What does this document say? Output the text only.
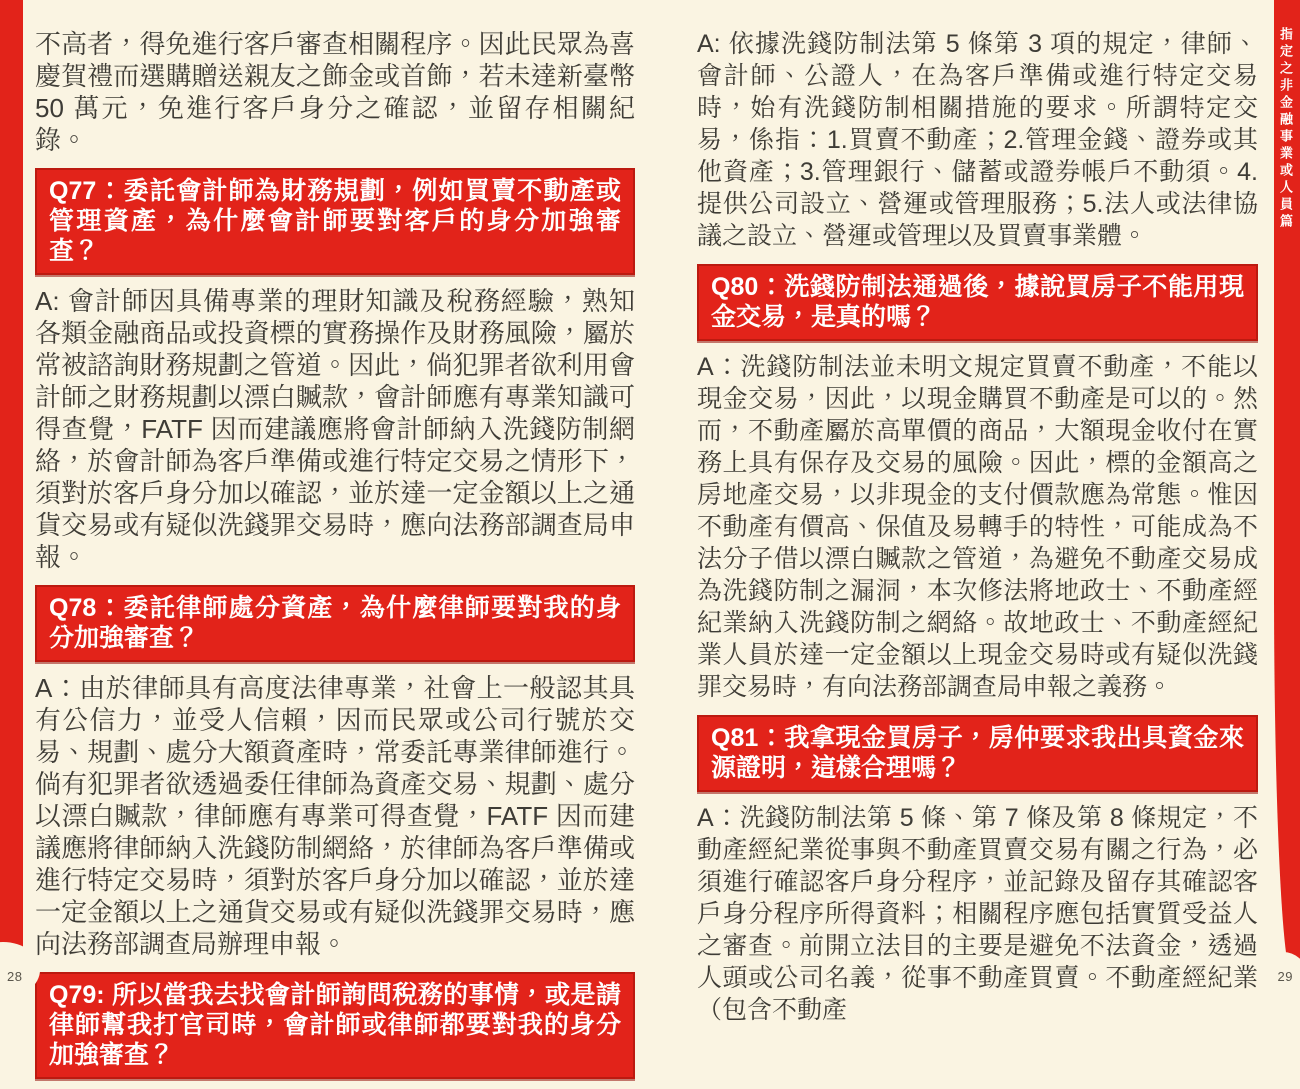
不高者，得免進行客戶審查相關程序。因此民眾為喜慶賀禮而選購贈送親友之飾金或首飾，若未達新臺幣 50 萬元，免進行客戶身分之確認，並留存相關紀錄。

Q77：委託會計師為財務規劃，例如買賣不動產或管理資產，為什麼會計師要對客戶的身分加強審查？

A: 會計師因具備專業的理財知識及稅務經驗，熟知各類金融商品或投資標的實務操作及財務風險，屬於常被諮詢財務規劃之管道。因此，倘犯罪者欲利用會計師之財務規劃以漂白贓款，會計師應有專業知識可得查覺，FATF 因而建議應將會計師納入洗錢防制網絡，於會計師為客戶準備或進行特定交易之情形下，須對於客戶身分加以確認，並於達一定金額以上之通貨交易或有疑似洗錢罪交易時，應向法務部調查局申報。

Q78：委託律師處分資產，為什麼律師要對我的身分加強審查？

A：由於律師具有高度法律專業，社會上一般認其具有公信力，並受人信賴，因而民眾或公司行號於交易、規劃、處分大額資產時，常委託專業律師進行。倘有犯罪者欲透過委任律師為資產交易、規劃、處分以漂白贓款，律師應有專業可得查覺，FATF 因而建議應將律師納入洗錢防制網絡，於律師為客戶準備或進行特定交易時，須對於客戶身分加以確認，並於達一定金額以上之通貨交易或有疑似洗錢罪交易時，應向法務部調查局辦理申報。

Q79: 所以當我去找會計師詢問稅務的事情，或是請律師幫我打官司時，會計師或律師都要對我的身分加強審查？

A: 依據洗錢防制法第 5 條第 3 項的規定，律師、會計師、公證人，在為客戶準備或進行特定交易時，始有洗錢防制相關措施的要求。所謂特定交易，係指：1.買賣不動產；2.管理金錢、證券或其他資產；3.管理銀行、儲蓄或證券帳戶不動須。4.提供公司設立、營運或管理服務；5.法人或法律協議之設立、營運或管理以及買賣事業體。

Q80：洗錢防制法通過後，據說買房子不能用現金交易，是真的嗎？

A：洗錢防制法並未明文規定買賣不動產，不能以現金交易，因此，以現金購買不動產是可以的。然而，不動產屬於高單價的商品，大額現金收付在實務上具有保存及交易的風險。因此，標的金額高之房地產交易，以非現金的支付價款應為常態。惟因不動產有價高、保值及易轉手的特性，可能成為不法分子借以漂白贓款之管道，為避免不動產交易成為洗錢防制之漏洞，本次修法將地政士、不動產經紀業納入洗錢防制之網絡。故地政士、不動產經紀業人員於達一定金額以上現金交易時或有疑似洗錢罪交易時，有向法務部調查局申報之義務。

Q81：我拿現金買房子，房仲要求我出具資金來源證明，這樣合理嗎？

A：洗錢防制法第 5 條、第 7 條及第 8 條規定，不動產經紀業從事與不動產買賣交易有關之行為，必須進行確認客戶身分程序，並記錄及留存其確認客戶身分程序所得資料；相關程序應包括實質受益人之審查。前開立法目的主要是避免不法資金，透過人頭或公司名義，從事不動產買賣。不動產經紀業（包含不動產

指定之非金融事業或人員篇
28	29
